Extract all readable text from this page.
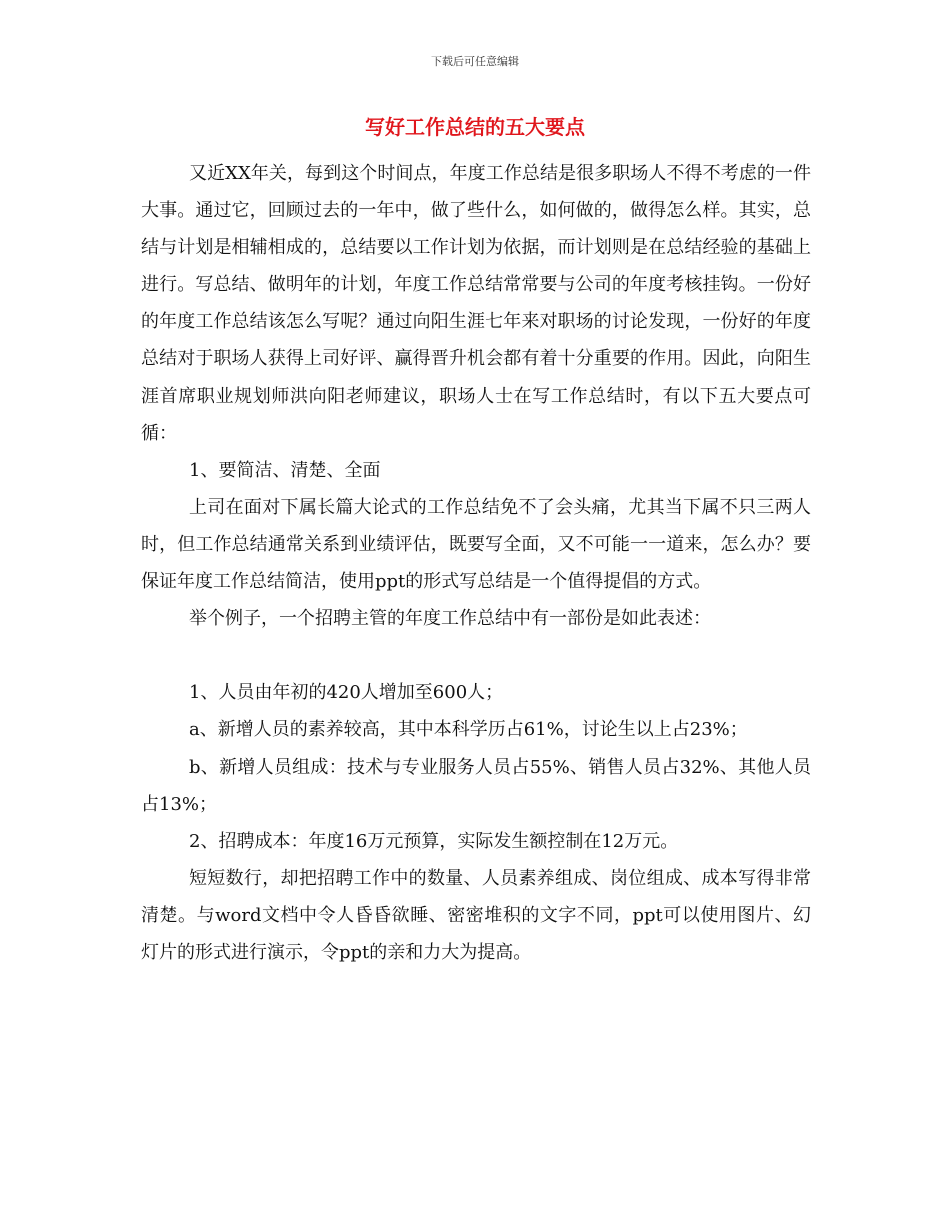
下载后可任意编辑
写好工作总结的五大要点

又近XX年关，每到这个时间点，年度工作总结是很多职场人不得不考虑的一件大事。通过它，回顾过去的一年中，做了些什么，如何做的，做得怎么样。其实，总结与计划是相辅相成的，总结要以工作计划为依据，而计划则是在总结经验的基础上进行。写总结、做明年的计划，年度工作总结常常要与公司的年度考核挂钩。一份好的年度工作总结该怎么写呢？通过向阳生涯七年来对职场的讨论发现，一份好的年度总结对于职场人获得上司好评、赢得晋升机会都有着十分重要的作用。因此，向阳生涯首席职业规划师洪向阳老师建议，职场人士在写工作总结时，有以下五大要点可循：

1、要简洁、清楚、全面

上司在面对下属长篇大论式的工作总结免不了会头痛，尤其当下属不只三两人时，但工作总结通常关系到业绩评估，既要写全面，又不可能一一道来，怎么办？要保证年度工作总结简洁，使用ppt的形式写总结是一个值得提倡的方式。

举个例子，一个招聘主管的年度工作总结中有一部份是如此表述：

1、人员由年初的420人增加至600人；

a、新增人员的素养较高，其中本科学历占61%，讨论生以上占23%；

b、新增人员组成：技术与专业服务人员占55%、销售人员占32%、其他人员占13%；

2、招聘成本：年度16万元预算，实际发生额控制在12万元。

短短数行，却把招聘工作中的数量、人员素养组成、岗位组成、成本写得非常清楚。与word文档中令人昏昏欲睡、密密堆积的文字不同，ppt可以使用图片、幻灯片的形式进行演示，令ppt的亲和力大为提高。
